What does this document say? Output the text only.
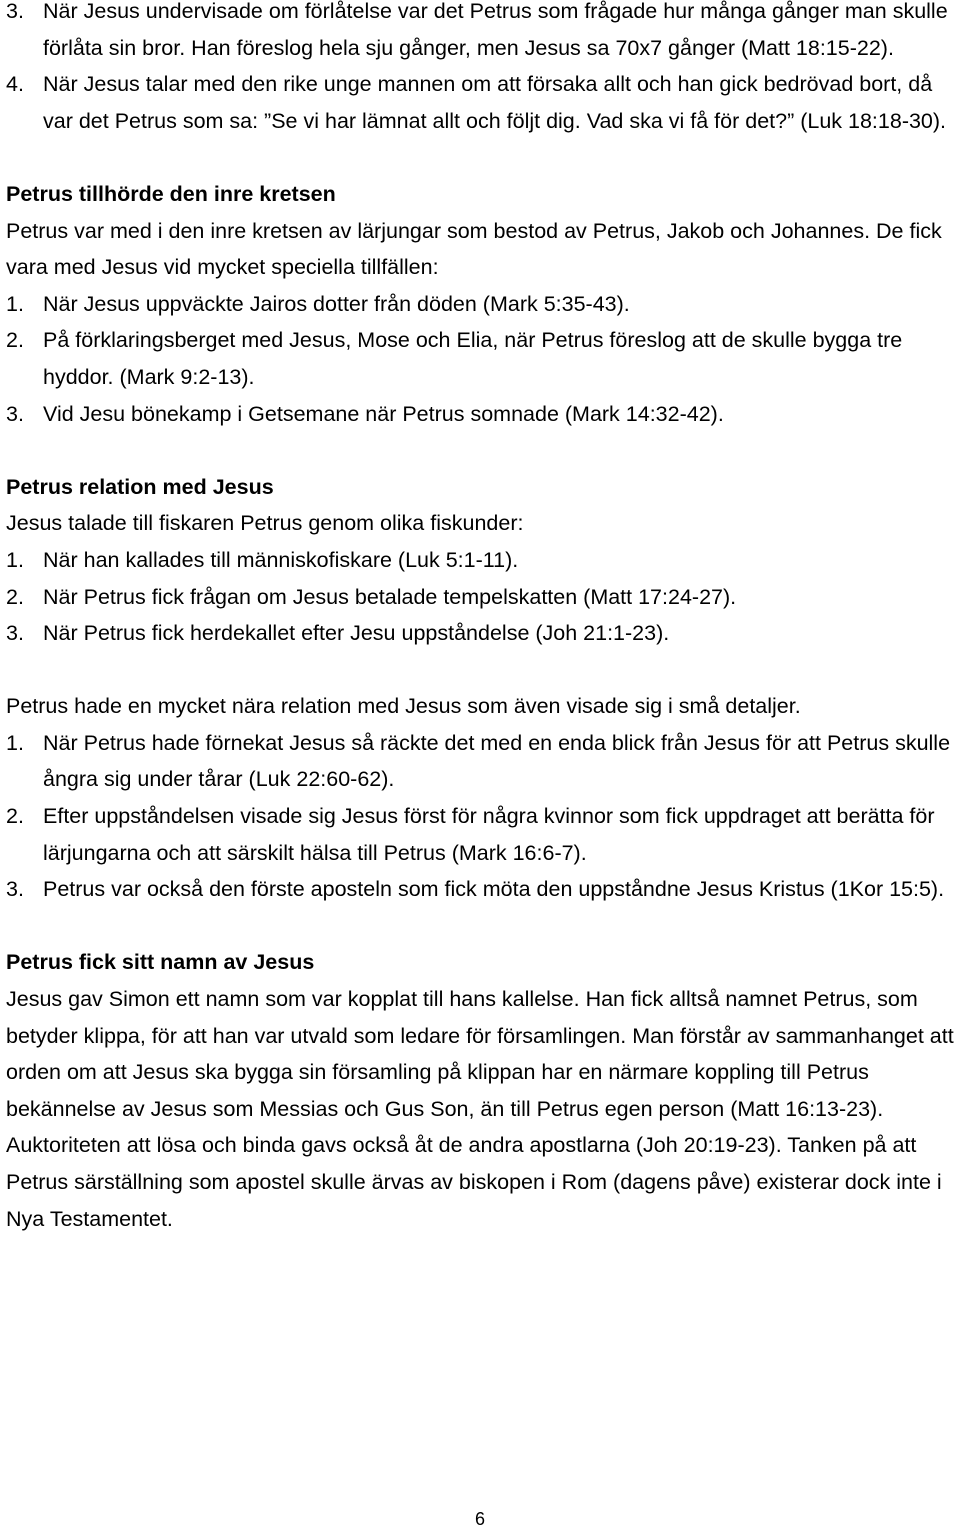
3. När Jesus undervisade om förlåtelse var det Petrus som frågade hur många gånger man skulle förlåta sin bror. Han föreslog hela sju gånger, men Jesus sa 70x7 gånger (Matt 18:15-22).
4. När Jesus talar med den rike unge mannen om att försaka allt och han gick bedrövad bort, då var det Petrus som sa: ”Se vi har lämnat allt och följt dig. Vad ska vi få för det?” (Luk 18:18-30).
Petrus tillhörde den inre kretsen

Petrus var med i den inre kretsen av lärjungar som bestod av Petrus, Jakob och Johannes. De fick vara med Jesus vid mycket speciella tillfällen:

1. När Jesus uppväckte Jairos dotter från döden (Mark 5:35-43).
2. På förklaringsberget med Jesus, Mose och Elia, när Petrus föreslog att de skulle bygga tre hyddor. (Mark 9:2-13).
3. Vid Jesu bönekamp i Getsemane när Petrus somnade (Mark 14:32-42).
Petrus relation med Jesus

Jesus talade till fiskaren Petrus genom olika fiskunder:

1. När han kallades till människofiskare (Luk 5:1-11).
2. När Petrus fick frågan om Jesus betalade tempelskatten (Matt 17:24-27).
3. När Petrus fick herdekallet efter Jesu uppståndelse (Joh 21:1-23).

Petrus hade en mycket nära relation med Jesus som även visade sig i små detaljer.

1. När Petrus hade förnekat Jesus så räckte det med en enda blick från Jesus för att Petrus skulle ångra sig under tårar (Luk 22:60-62).
2. Efter uppståndelsen visade sig Jesus först för några kvinnor som fick uppdraget att berätta för lärjungarna och att särskilt hälsa till Petrus (Mark 16:6-7).
3. Petrus var också den förste aposteln som fick möta den uppståndne Jesus Kristus (1Kor 15:5).
Petrus fick sitt namn av Jesus

Jesus gav Simon ett namn som var kopplat till hans kallelse. Han fick alltså namnet Petrus, som betyder klippa, för att han var utvald som ledare för församlingen. Man förstår av sammanhanget att orden om att Jesus ska bygga sin församling på klippan har en närmare koppling till Petrus bekännelse av Jesus som Messias och Gus Son, än till Petrus egen person (Matt 16:13-23). Auktoriteten att lösa och binda gavs också åt de andra apostlarna (Joh 20:19-23). Tanken på att Petrus särställning som apostel skulle ärvas av biskopen i Rom (dagens påve) existerar dock inte i Nya Testamentet.

6
